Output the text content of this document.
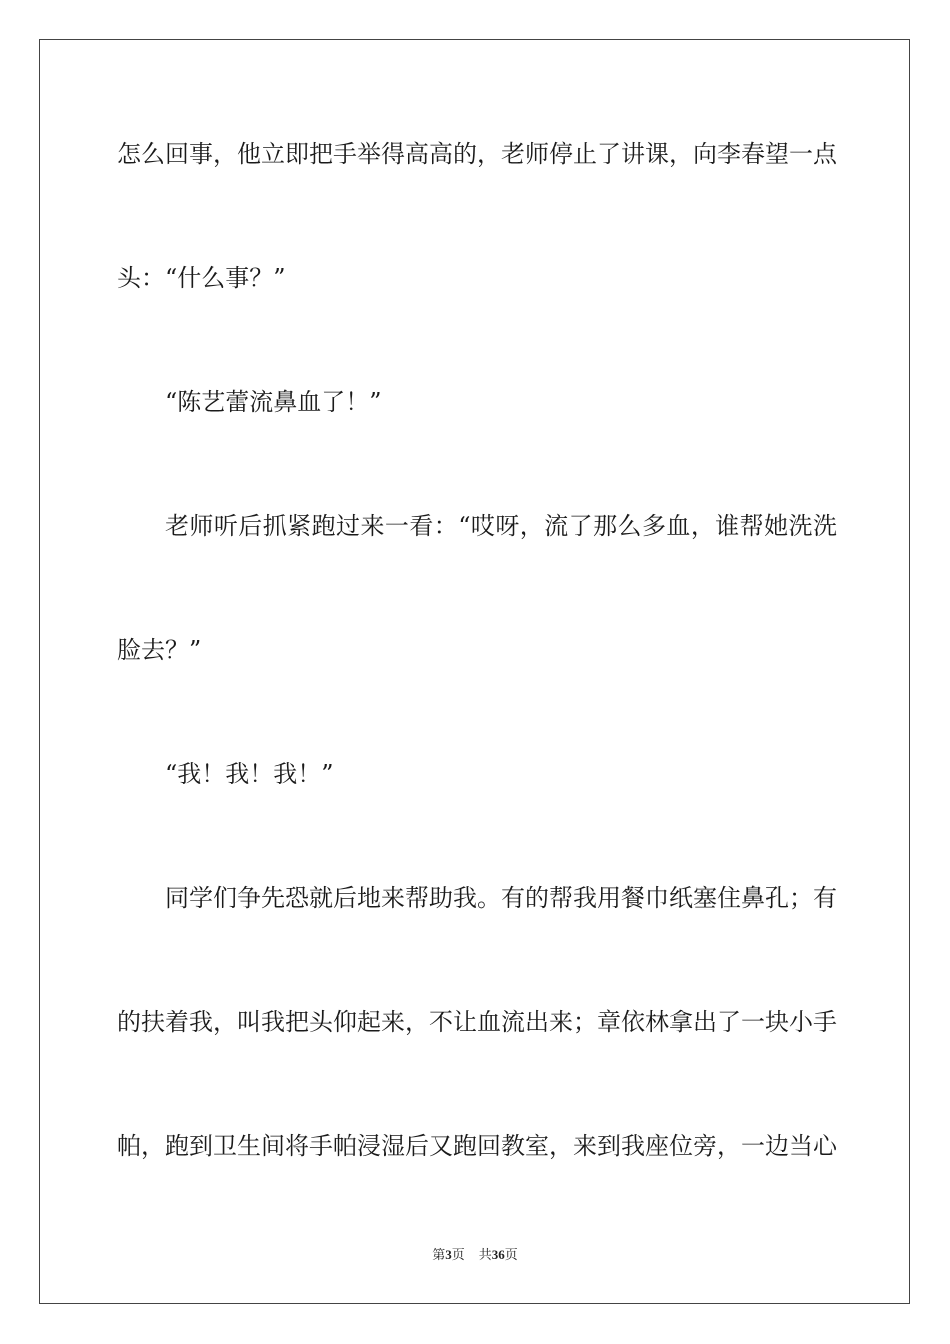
怎么回事，他立即把手举得高高的，老师停止了讲课，向李春望一点
头：“什么事？”
“陈艺蕾流鼻血了！”
老师听后抓紧跑过来一看：“哎呀，流了那么多血，谁帮她洗洗
脸去？”
“我！我！我！”
同学们争先恐就后地来帮助我。有的帮我用餐巾纸塞住鼻孔；有
的扶着我，叫我把头仰起来，不让血流出来；章依林拿出了一块小手
帕，跑到卫生间将手帕浸湿后又跑回教室，来到我座位旁，一边当心
第3页 共36页
